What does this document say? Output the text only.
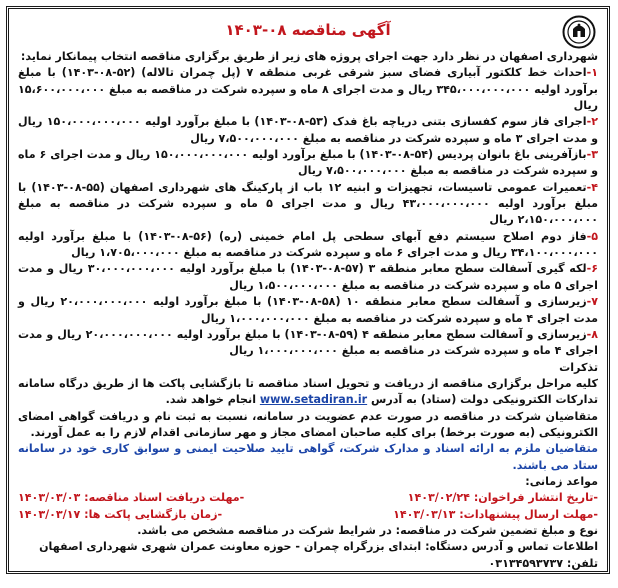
آگهی مناقصه ۰۸-۱۴۰۳
شهرداری اصفهان در نظر دارد جهت اجرای پروژه های زیر از طریق برگزاری مناقصه انتخاب پیمانکار نماید:
۱-احداث خط کلکتور آبیاری فضای سبز شرقی غربی منطقه ۷ (پل چمران تالاله) (۵۲-۰۸-۱۴۰۳) با مبلغ برآورد اولیه ۳۴۵،۰۰۰،۰۰۰،۰۰۰ ریال و مدت اجرای ۸ ماه و سپرده شرکت در مناقصه به مبلغ ۱۵،۶۰۰،۰۰۰،۰۰۰ ریال
۲-اجرای فاز سوم کفسازی بتنی دریاچه باغ فدک (۵۳-۰۸-۱۴۰۳) با مبلغ برآورد اولیه ۱۵۰،۰۰۰،۰۰۰،۰۰۰ ریال و مدت اجرای ۳ ماه و سپرده شرکت در مناقصه به مبلغ ۷،۵۰۰،۰۰۰،۰۰۰ ریال
۳-بازآفرینی باغ بانوان پردیس (۵۴-۰۸-۱۴۰۳) با مبلغ برآورد اولیه ۱۵۰،۰۰۰،۰۰۰،۰۰۰ ریال و مدت اجرای ۶ ماه و سپرده شرکت در مناقصه به مبلغ ۷،۵۰۰،۰۰۰،۰۰۰ ریال
۴-تعمیرات عمومی تاسیسات، تجهیزات و ابنیه ۱۲ باب از پارکینگ های شهرداری اصفهان (۵۵-۰۸-۱۴۰۳) با مبلغ برآورد اولیه ۴۳،۰۰۰،۰۰۰،۰۰۰ ریال و مدت اجرای ۵ ماه و سپرده شرکت در مناقصه به مبلغ ۲،۱۵۰،۰۰۰،۰۰۰ ریال
۵-فاز دوم اصلاح سیستم دفع آبهای سطحی پل امام خمینی (ره) (۵۶-۰۸-۱۴۰۳) با مبلغ برآورد اولیه ۳۴،۱۰۰،۰۰۰،۰۰۰ ریال و مدت اجرای ۶ ماه و سپرده شرکت در مناقصه به مبلغ ۱،۷۰۵،۰۰۰،۰۰۰ ریال
۶-لکه گیری آسفالت سطح معابر منطقه ۳ (۵۷-۰۸-۱۴۰۳) با مبلغ برآورد اولیه ۳۰،۰۰۰،۰۰۰،۰۰۰ ریال و مدت اجرای ۵ ماه و سپرده شرکت در مناقصه به مبلغ ۱،۵۰۰،۰۰۰،۰۰۰ ریال
۷-زیرسازی و آسفالت سطح معابر منطقه ۱۰ (۵۸-۰۸-۱۴۰۳) با مبلغ برآورد اولیه ۲۰،۰۰۰،۰۰۰،۰۰۰ ریال و مدت اجرای ۴ ماه و سپرده شرکت در مناقصه به مبلغ ۱،۰۰۰،۰۰۰،۰۰۰ ریال
۸-زیرسازی و آسفالت سطح معابر منطقه ۴ (۵۹-۰۸-۱۴۰۳) با مبلغ برآورد اولیه ۲۰،۰۰۰،۰۰۰،۰۰۰ ریال و مدت اجرای ۴ ماه و سپرده شرکت در مناقصه به مبلغ ۱،۰۰۰،۰۰۰،۰۰۰ ریال
تذکرات
کلیه مراحل برگزاری مناقصه از دریافت و تحویل اسناد مناقصه تا بازگشایی پاکت ها از طریق درگاه سامانه تدارکات الکترونیکی دولت (ستاد) به آدرس www.setadiran.ir انجام خواهد شد.
متقاضیان شرکت در مناقصه در صورت عدم عضویت در سامانه، نسبت به ثبت نام و دریافت گواهی امضای الکترونیکی (به صورت برخط) برای کلیه صاحبان امضای مجاز و مهر سازمانی اقدام لازم را به عمل آورند.
متقاضیان ملزم به ارائه اسناد و مدارک شرکت، گواهی تایید صلاحیت ایمنی و سوابق کاری خود در سامانه ستاد می باشند.
مواعد زمانی:
-تاریخ انتشار فراخوان: ۱۴۰۳/۰۲/۲۴
-مهلت دریافت اسناد مناقصه: ۱۴۰۳/۰۳/۰۳
-مهلت ارسال پیشنهادات: ۱۴۰۳/۰۳/۱۳
-زمان بازگشایی پاکت ها: ۱۴۰۳/۰۳/۱۷
نوع و مبلغ تضمین شرکت در مناقصه: در شرایط شرکت در مناقصه مشخص می باشد.
اطلاعات تماس و آدرس دستگاه: ابتدای بزرگراه چمران - حوزه معاونت عمران شهری شهرداری اصفهان
تلفن: ۰۳۱۳۴۵۹۳۷۳۷
